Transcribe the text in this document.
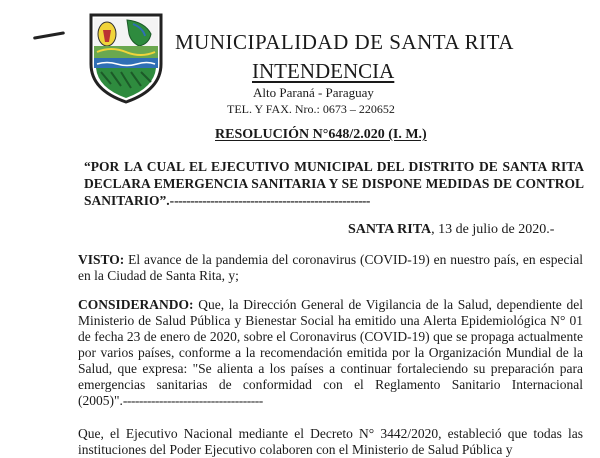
MUNICIPALIDAD DE SANTA RITA
INTENDENCIA
Alto Paraná - Paraguay
TEL. Y FAX. Nro.: 0673 – 220652
RESOLUCIÓN N°648/2.020 (I. M.)
“POR LA CUAL EL EJECUTIVO MUNICIPAL DEL DISTRITO DE SANTA RITA DECLARA EMERGENCIA SANITARIA Y SE DISPONE MEDIDAS DE CONTROL SANITARIO”.--------------------------------------------------
SANTA RITA, 13 de julio de 2020.-
VISTO: El avance de la pandemia del coronavirus (COVID-19) en nuestro país, en especial en la Ciudad de Santa Rita, y;
CONSIDERANDO: Que, la Dirección General de Vigilancia de la Salud, dependiente del Ministerio de Salud Pública y Bienestar Social ha emitido una Alerta Epidemiológica N° 01 de fecha 23 de enero de 2020, sobre el Coronavirus (COVID-19) que se propaga actualmente por varios países, conforme a la recomendación emitida por la Organización Mundial de la Salud, que expresa: "Se alienta a los países a continuar fortaleciendo su preparación para emergencias sanitarias de conformidad con el Reglamento Sanitario Internacional (2005)".-----------------------------------
Que, el Ejecutivo Nacional mediante el Decreto N° 3442/2020, estableció que todas las instituciones del Poder Ejecutivo colaboren con el Ministerio de Salud Pública y
